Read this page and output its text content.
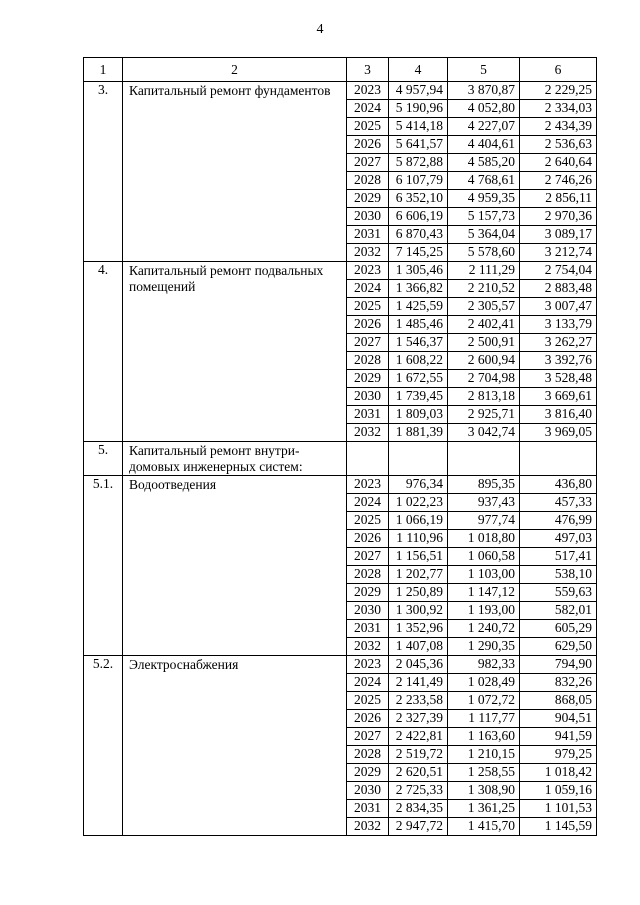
4
1	2	3	4	5	6
3.	Капитальный ремонт фундаментов	2023	4 957,94	3 870,87	2 229,25
		2024	5 190,96	4 052,80	2 334,03
		2025	5 414,18	4 227,07	2 434,39
		2026	5 641,57	4 404,61	2 536,63
		2027	5 872,88	4 585,20	2 640,64
		2028	6 107,79	4 768,61	2 746,26
		2029	6 352,10	4 959,35	2 856,11
		2030	6 606,19	5 157,73	2 970,36
		2031	6 870,43	5 364,04	3 089,17
		2032	7 145,25	5 578,60	3 212,74
4.	Капитальный ремонт подвальных помещений	2023	1 305,46	2 111,29	2 754,04
		2024	1 366,82	2 210,52	2 883,48
		2025	1 425,59	2 305,57	3 007,47
		2026	1 485,46	2 402,41	3 133,79
		2027	1 546,37	2 500,91	3 262,27
		2028	1 608,22	2 600,94	3 392,76
		2029	1 672,55	2 704,98	3 528,48
		2030	1 739,45	2 813,18	3 669,61
		2031	1 809,03	2 925,71	3 816,40
		2032	1 881,39	3 042,74	3 969,05
5.	Капитальный ремонт внутри-домовых инженерных систем:				

5.1.	Водоотведения	2023	976,34	895,35	436,80
		2024	1 022,23	937,43	457,33
		2025	1 066,19	977,74	476,99
		2026	1 110,96	1 018,80	497,03
		2027	1 156,51	1 060,58	517,41
		2028	1 202,77	1 103,00	538,10
		2029	1 250,89	1 147,12	559,63
		2030	1 300,92	1 193,00	582,01
		2031	1 352,96	1 240,72	605,29
		2032	1 407,08	1 290,35	629,50
5.2.	Электроснабжения	2023	2 045,36	982,33	794,90
		2024	2 141,49	1 028,49	832,26
		2025	2 233,58	1 072,72	868,05
		2026	2 327,39	1 117,77	904,51
		2027	2 422,81	1 163,60	941,59
		2028	2 519,72	1 210,15	979,25
		2029	2 620,51	1 258,55	1 018,42
		2030	2 725,33	1 308,90	1 059,16
		2031	2 834,35	1 361,25	1 101,53
		2032	2 947,72	1 415,70	1 145,59
